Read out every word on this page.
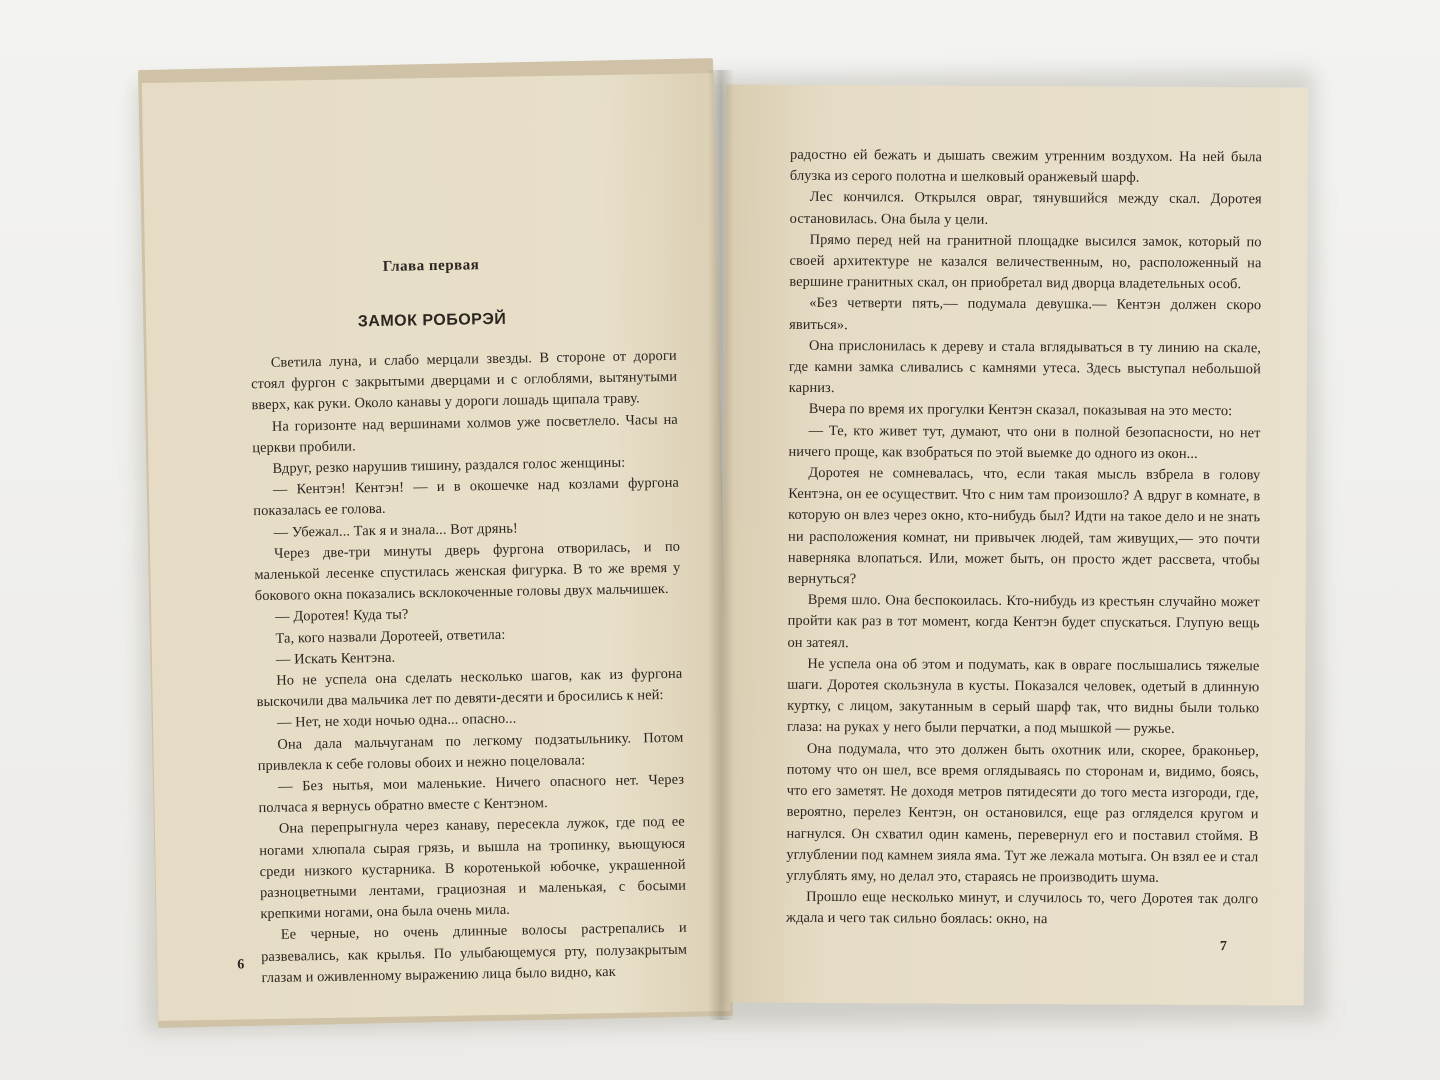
Глава первая
ЗАМОК РОБОРЭЙ

Светила луна, и слабо мерцали звезды. В стороне от дороги стоял фургон с закрытыми дверцами и с оглоблями, вытянутыми вверх, как руки. Около канавы у дороги лошадь щипала траву.

На горизонте над вершинами холмов уже посветлело. Часы на церкви пробили.

Вдруг, резко нарушив тишину, раздался голос женщины:

— Кентэн! Кентэн! — и в окошечке над козлами фургона показалась ее голова.

— Убежал... Так я и знала... Вот дрянь!

Через две-три минуты дверь фургона отворилась, и по маленькой лесенке спустилась женская фигурка. В то же время у бокового окна показались всклокоченные головы двух мальчишек.

— Доротея! Куда ты?

Та, кого назвали Доротеей, ответила:

— Искать Кентэна.

Но не успела она сделать несколько шагов, как из фургона выскочили два мальчика лет по девяти-десяти и бросились к ней:

— Нет, не ходи ночью одна... опасно...

Она дала мальчуганам по легкому подзатыльнику. Потом привлекла к себе головы обоих и нежно поцеловала:

— Без нытья, мои маленькие. Ничего опасного нет. Через полчаса я вернусь обратно вместе с Кентэном.

Она перепрыгнула через канаву, пересекла лужок, где под ее ногами хлюпала сырая грязь, и вышла на тропинку, вьющуюся среди низкого кустарника. В коротенькой юбочке, украшенной разноцветными лентами, грациозная и маленькая, с босыми крепкими ногами, она была очень мила.

Ее черные, но очень длинные волосы растрепались и развевались, как крылья. По улыбающемуся рту, полузакрытым глазам и оживленному выражению лица было видно, как

6

радостно ей бежать и дышать свежим утренним воздухом. На ней была блузка из серого полотна и шелковый оранжевый шарф.

Лес кончился. Открылся овраг, тянувшийся между скал. Доротея остановилась. Она была у цели.

Прямо перед ней на гранитной площадке высился замок, который по своей архитектуре не казался величественным, но, расположенный на вершине гранитных скал, он приобретал вид дворца владетельных особ.

«Без четверти пять,— подумала девушка.— Кентэн должен скоро явиться».

Она прислонилась к дереву и стала вглядываться в ту линию на скале, где камни замка сливались с камнями утеса. Здесь выступал небольшой карниз.

Вчера по время их прогулки Кентэн сказал, показывая на это место:

— Те, кто живет тут, думают, что они в полной безопасности, но нет ничего проще, как взобраться по этой выемке до одного из окон...

Доротея не сомневалась, что, если такая мысль взбрела в голову Кентэна, он ее осуществит. Что с ним там произошло? А вдруг в комнате, в которую он влез через окно, кто-нибудь был? Идти на такое дело и не знать ни расположения комнат, ни привычек людей, там живущих,— это почти наверняка влопаться. Или, может быть, он просто ждет рассвета, чтобы вернуться?

Время шло. Она беспокоилась. Кто-нибудь из крестьян случайно может пройти как раз в тот момент, когда Кентэн будет спускаться. Глупую вещь он затеял.

Не успела она об этом и подумать, как в овраге послышались тяжелые шаги. Доротея скользнула в кусты. Показался человек, одетый в длинную куртку, с лицом, закутанным в серый шарф так, что видны были только глаза: на руках у него были перчатки, а под мышкой — ружье.

Она подумала, что это должен быть охотник или, скорее, браконьер, потому что он шел, все время оглядываясь по сторонам и, видимо, боясь, что его заметят. Не доходя метров пятидесяти до того места изгороди, где, вероятно, перелез Кентэн, он остановился, еще раз огляделся кругом и нагнулся. Он схватил один камень, перевернул его и поставил стоймя. В углублении под камнем зияла яма. Тут же лежала мотыга. Он взял ее и стал углублять яму, но делал это, стараясь не производить шума.

Прошло еще несколько минут, и случилось то, чего Доротея так долго ждала и чего так сильно боялась: окно, на

7
